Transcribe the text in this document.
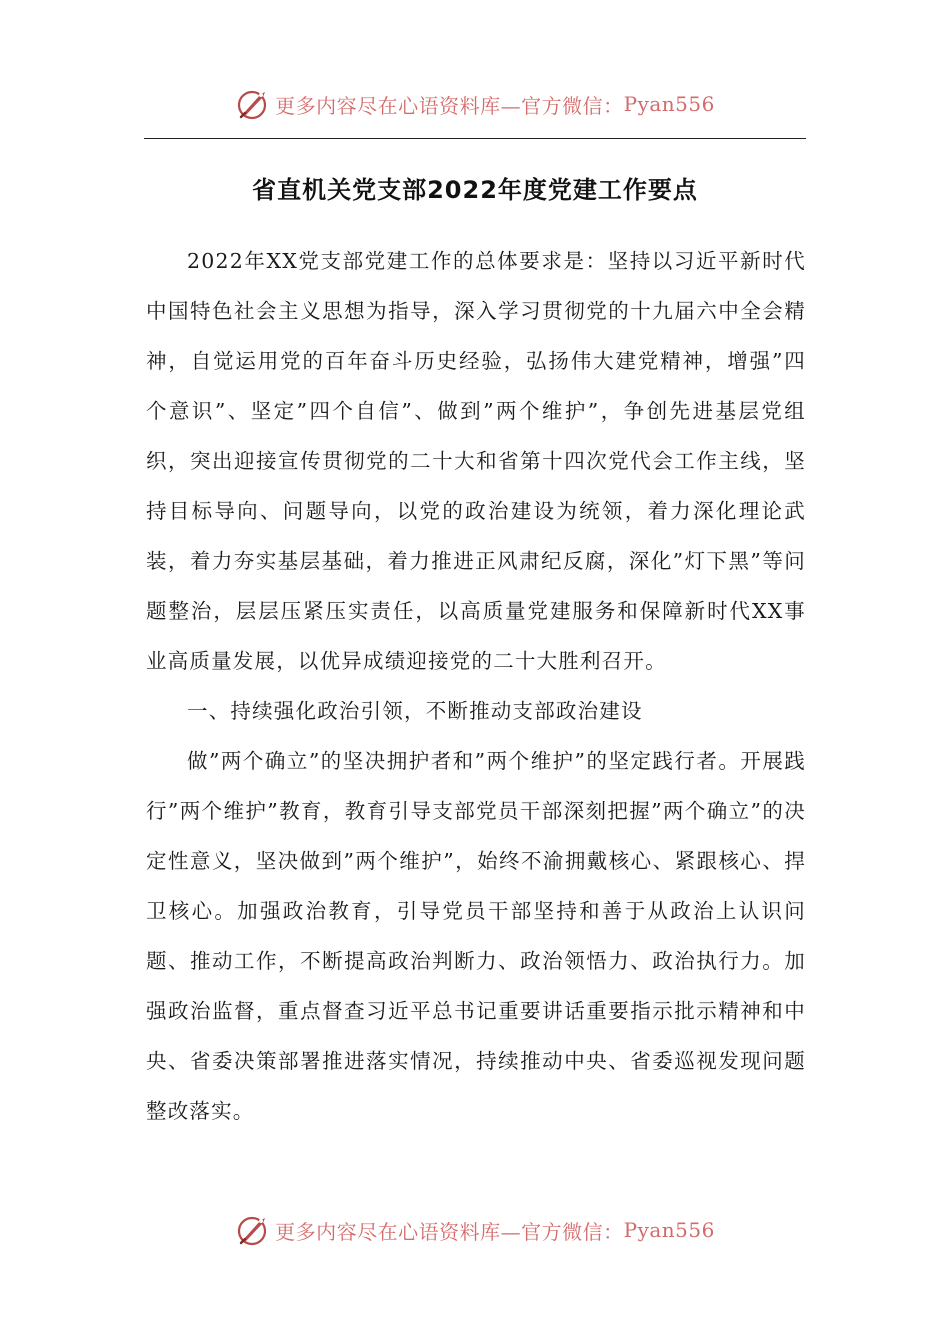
更多内容尽在心语资料库—官方微信： Pyan556
省直机关党支部2022年度党建工作要点

2022年XX党支部党建工作的总体要求是：坚持以习近平新时代中国特色社会主义思想为指导，深入学习贯彻党的十九届六中全会精神，自觉运用党的百年奋斗历史经验，弘扬伟大建党精神，增强”四个意识”、坚定”四个自信”、做到”两个维护”，争创先进基层党组织，突出迎接宣传贯彻党的二十大和省第十四次党代会工作主线，坚持目标导向、问题导向，以党的政治建设为统领，着力深化理论武装，着力夯实基层基础，着力推进正风肃纪反腐，深化”灯下黑”等问题整治，层层压紧压实责任，以高质量党建服务和保障新时代XX事业高质量发展，以优异成绩迎接党的二十大胜利召开。

一、持续强化政治引领，不断推动支部政治建设

做”两个确立”的坚决拥护者和”两个维护”的坚定践行者。开展践行”两个维护”教育，教育引导支部党员干部深刻把握”两个确立”的决定性意义，坚决做到”两个维护”，始终不渝拥戴核心、紧跟核心、捍卫核心。加强政治教育，引导党员干部坚持和善于从政治上认识问题、推动工作，不断提高政治判断力、政治领悟力、政治执行力。加强政治监督，重点督查习近平总书记重要讲话重要指示批示精神和中央、省委决策部署推进落实情况，持续推动中央、省委巡视发现问题整改落实。

更多内容尽在心语资料库—官方微信： Pyan556
